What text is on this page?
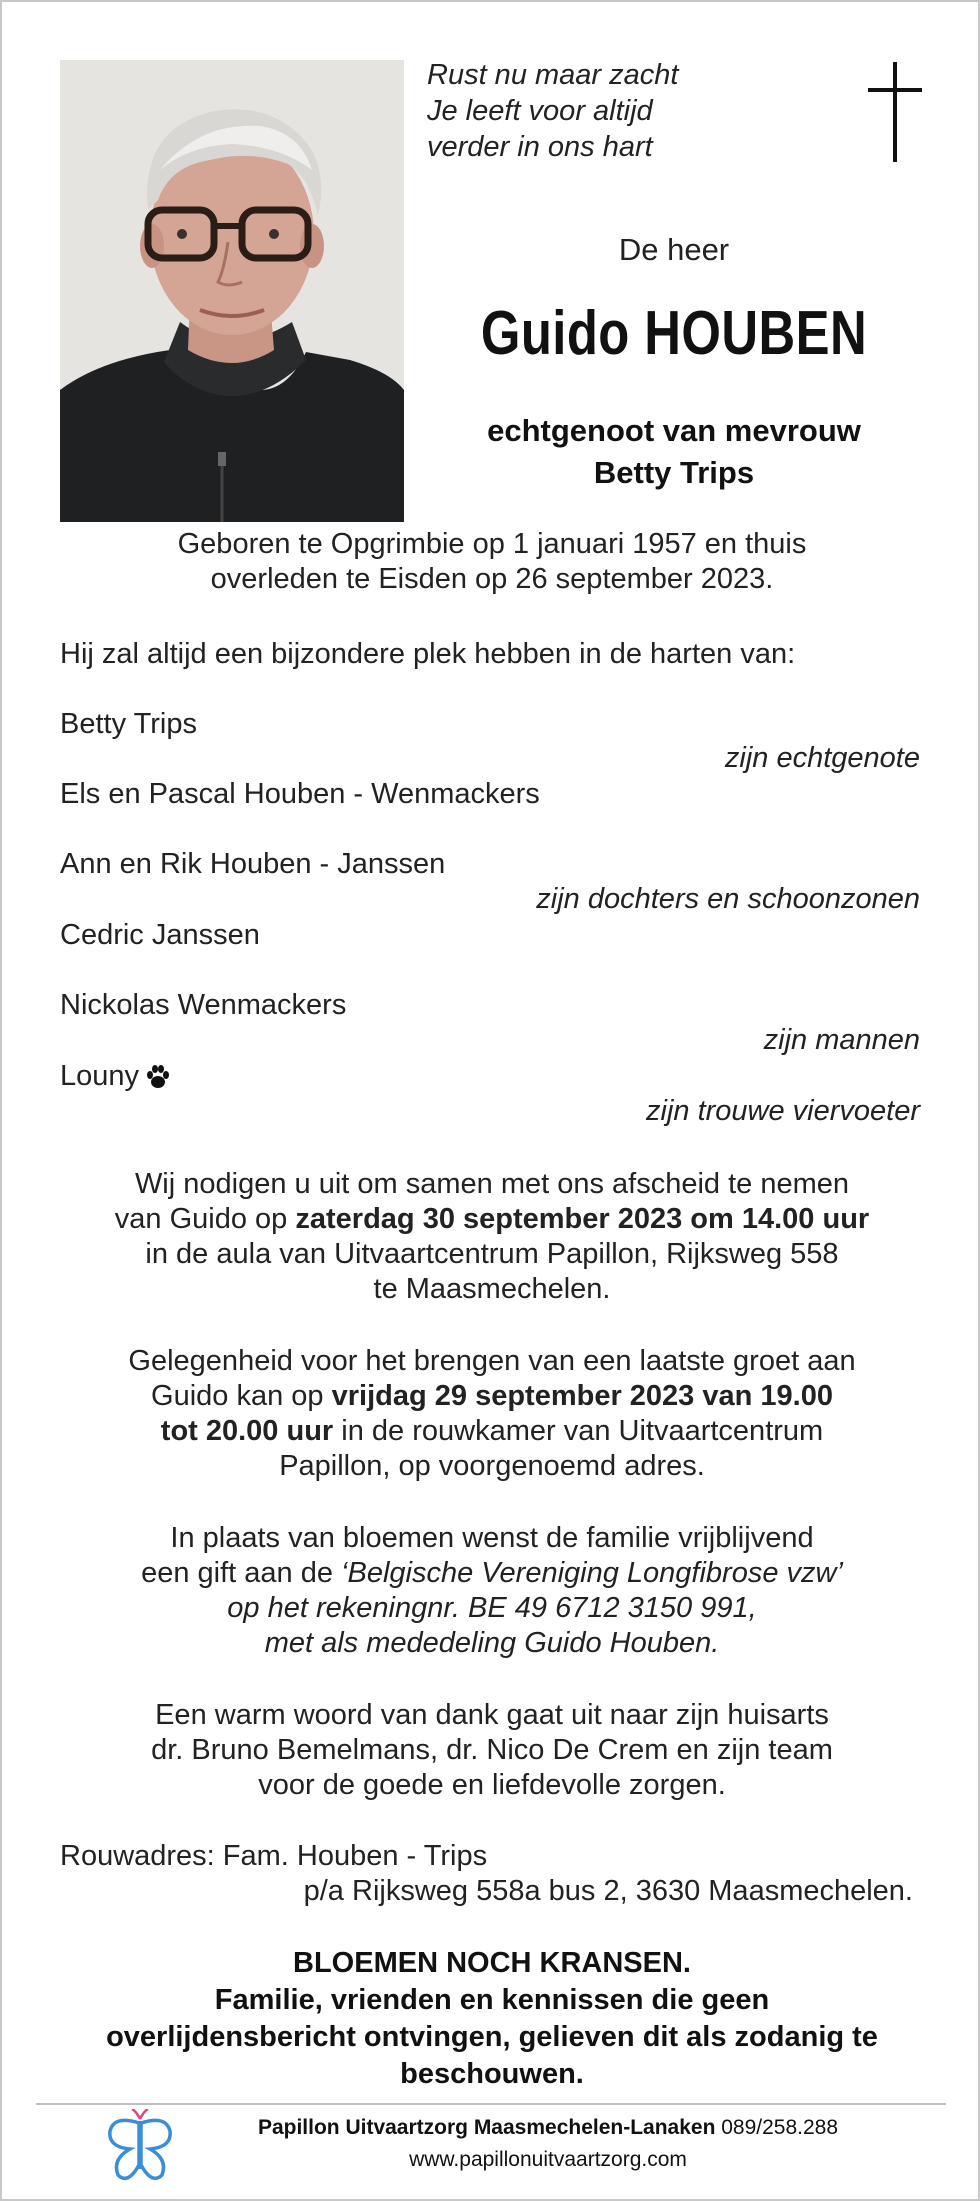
Rust nu maar zacht
Je leeft voor altijd
verder in ons hart
De heer
Guido HOUBEN
echtgenoot van mevrouw
Betty Trips
Geboren te Opgrimbie op 1 januari 1957 en thuis
overleden te Eisden op 26 september 2023.
Hij zal altijd een bijzondere plek hebben in de harten van:
Betty Trips
zijn echtgenote
Els en Pascal Houben - Wenmackers
Ann en Rik Houben - Janssen
zijn dochters en schoonzonen
Cedric Janssen
Nickolas Wenmackers
zijn mannen
Louny
zijn trouwe viervoeter
Wij nodigen u uit om samen met ons afscheid te nemen
van Guido op zaterdag 30 september 2023 om 14.00 uur
in de aula van Uitvaartcentrum Papillon, Rijksweg 558
te Maasmechelen.
Gelegenheid voor het brengen van een laatste groet aan
Guido kan op vrijdag 29 september 2023 van 19.00
tot 20.00 uur in de rouwkamer van Uitvaartcentrum
Papillon, op voorgenoemd adres.
In plaats van bloemen wenst de familie vrijblijvend
een gift aan de ‘Belgische Vereniging Longfibrose vzw’
op het rekeningnr. BE 49 6712 3150 991,
met als mededeling Guido Houben.
Een warm woord van dank gaat uit naar zijn huisarts
dr. Bruno Bemelmans, dr. Nico De Crem en zijn team
voor de goede en liefdevolle zorgen.
Rouwadres: Fam. Houben - Trips
p/a Rijksweg 558a bus 2, 3630 Maasmechelen.
BLOEMEN NOCH KRANSEN.
Familie, vrienden en kennissen die geen
overlijdensbericht ontvingen, gelieven dit als zodanig te
beschouwen.
Papillon Uitvaartzorg Maasmechelen-Lanaken 089/258.288
www.papillonuitvaartzorg.com
